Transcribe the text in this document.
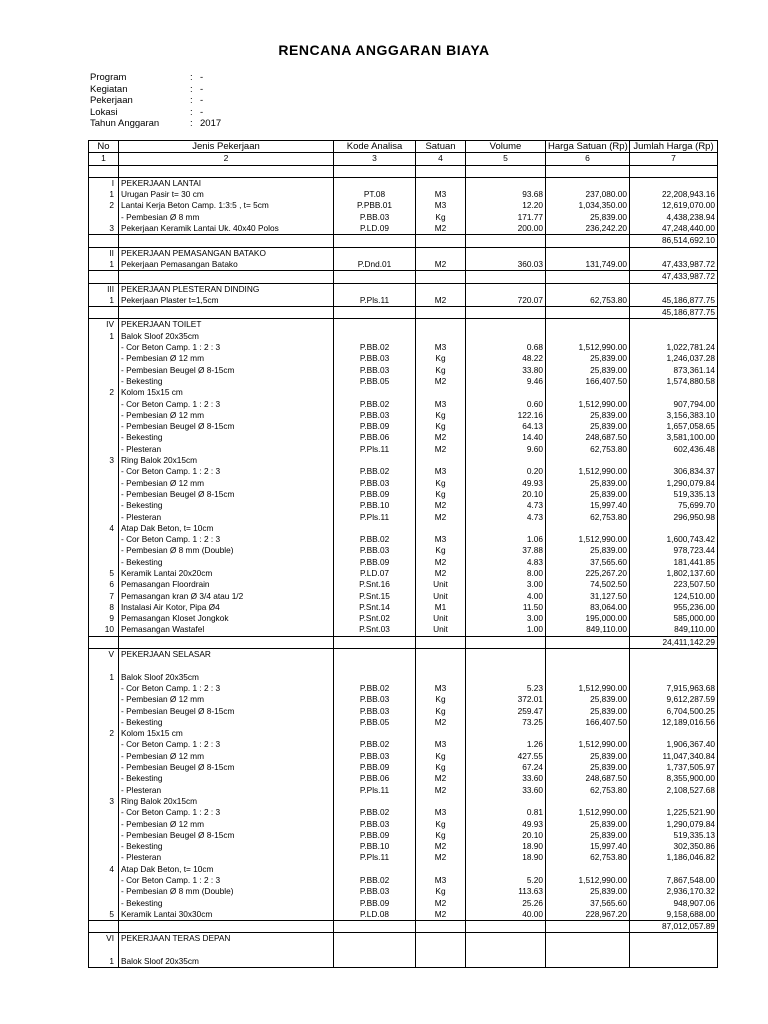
RENCANA ANGGARAN BIAYA
Program	: -
Kegiatan	: -
Pekerjaan	: -
Lokasi	: -
Tahun Anggaran	: 2017
No	Jenis Pekerjaan	Kode Analisa	Satuan	Volume	Harga Satuan (Rp)	Jumlah Harga (Rp)
1	2	3	4	5	6	7

I	PEKERJAAN LANTAI					
1	Urugan Pasir t= 30 cm	PT.08	M3	93.68	237,080.00	22,208,943.16
2	Lantai Kerja Beton Camp. 1:3:5 , t= 5cm	P.PBB.01	M3	12.20	1,034,350.00	12,619,070.00
	- Pembesian Ø 8 mm	P.BB.03	Kg	171.77	25,839.00	4,438,238.94
3	Pekerjaan Keramik Lantai Uk. 40x40 Polos	P.LD.09	M2	200.00	236,242.20	47,248,440.00
						86,514,692.10
II	PEKERJAAN PEMASANGAN BATAKO					
1	Pekerjaan Pemasangan Batako	P.Dnd.01	M2	360.03	131,749.00	47,433,987.72
						47,433,987.72
III	PEKERJAAN PLESTERAN DINDING					
1	Pekerjaan Plaster t=1,5cm	P.Pls.11	M2	720.07	62,753.80	45,186,877.75
						45,186,877.75
IV	PEKERJAAN TOILET					
1	Balok Sloof 20x35cm					
	- Cor Beton Camp. 1 : 2 : 3	P.BB.02	M3	0.68	1,512,990.00	1,022,781.24
	- Pembesian Ø 12 mm	P.BB.03	Kg	48.22	25,839.00	1,246,037.28
	- Pembesian Beugel Ø 8-15cm	P.BB.03	Kg	33.80	25,839.00	873,361.14
	- Bekesting	P.BB.05	M2	9.46	166,407.50	1,574,880.58
2	Kolom 15x15 cm					
	- Cor Beton Camp. 1 : 2 : 3	P.BB.02	M3	0.60	1,512,990.00	907,794.00
	- Pembesian Ø 12 mm	P.BB.03	Kg	122.16	25,839.00	3,156,383.10
	- Pembesian Beugel Ø 8-15cm	P.BB.09	Kg	64.13	25,839.00	1,657,058.65
	- Bekesting	P.BB.06	M2	14.40	248,687.50	3,581,100.00
	- Plesteran	P.Pls.11	M2	9.60	62,753.80	602,436.48
3	Ring Balok 20x15cm					
	- Cor Beton Camp. 1 : 2 : 3	P.BB.02	M3	0.20	1,512,990.00	306,834.37
	- Pembesian Ø 12 mm	P.BB.03	Kg	49.93	25,839.00	1,290,079.84
	- Pembesian Beugel Ø 8-15cm	P.BB.09	Kg	20.10	25,839.00	519,335.13
	- Bekesting	P.BB.10	M2	4.73	15,997.40	75,699.70
	- Plesteran	P.Pls.11	M2	4.73	62,753.80	296,950.98
4	Atap Dak Beton, t= 10cm					
	- Cor Beton Camp. 1 : 2 : 3	P.BB.02	M3	1.06	1,512,990.00	1,600,743.42
	- Pembesian Ø 8 mm (Double)	P.BB.03	Kg	37.88	25,839.00	978,723.44
	- Bekesting	P.BB.09	M2	4.83	37,565.60	181,441.85
5	Keramik Lantai 20x20cm	P.LD.07	M2	8.00	225,267.20	1,802,137.60
6	Pemasangan Floordrain	P.Snt.16	Unit	3.00	74,502.50	223,507.50
7	Pemasangan kran Ø 3/4 atau 1/2	P.Snt.15	Unit	4.00	31,127.50	124,510.00
8	Instalasi Air Kotor, Pipa Ø4	P.Snt.14	M1	11.50	83,064.00	955,236.00
9	Pemasangan Kloset Jongkok	P.Snt.02	Unit	3.00	195,000.00	585,000.00
10	Pemasangan Wastafel	P.Snt.03	Unit	1.00	849,110.00	849,110.00
						24,411,142.29
V	PEKERJAAN SELASAR					

1	Balok Sloof 20x35cm					
	- Cor Beton Camp. 1 : 2 : 3	P.BB.02	M3	5.23	1,512,990.00	7,915,963.68
	- Pembesian Ø 12 mm	P.BB.03	Kg	372.01	25,839.00	9,612,287.59
	- Pembesian Beugel Ø 8-15cm	P.BB.03	Kg	259.47	25,839.00	6,704,500.25
	- Bekesting	P.BB.05	M2	73.25	166,407.50	12,189,016.56
2	Kolom 15x15 cm					
	- Cor Beton Camp. 1 : 2 : 3	P.BB.02	M3	1.26	1,512,990.00	1,906,367.40
	- Pembesian Ø 12 mm	P.BB.03	Kg	427.55	25,839.00	11,047,340.84
	- Pembesian Beugel Ø 8-15cm	P.BB.09	Kg	67.24	25,839.00	1,737,505.97
	- Bekesting	P.BB.06	M2	33.60	248,687.50	8,355,900.00
	- Plesteran	P.Pls.11	M2	33.60	62,753.80	2,108,527.68
3	Ring Balok 20x15cm					
	- Cor Beton Camp. 1 : 2 : 3	P.BB.02	M3	0.81	1,512,990.00	1,225,521.90
	- Pembesian Ø 12 mm	P.BB.03	Kg	49.93	25,839.00	1,290,079.84
	- Pembesian Beugel Ø 8-15cm	P.BB.09	Kg	20.10	25,839.00	519,335.13
	- Bekesting	P.BB.10	M2	18.90	15,997.40	302,350.86
	- Plesteran	P.Pls.11	M2	18.90	62,753.80	1,186,046.82
4	Atap Dak Beton, t= 10cm					
	- Cor Beton Camp. 1 : 2 : 3	P.BB.02	M3	5.20	1,512,990.00	7,867,548.00
	- Pembesian Ø 8 mm (Double)	P.BB.03	Kg	113.63	25,839.00	2,936,170.32
	- Bekesting	P.BB.09	M2	25.26	37,565.60	948,907.06
5	Keramik Lantai 30x30cm	P.LD.08	M2	40.00	228,967.20	9,158,688.00
						87,012,057.89
VI	PEKERJAAN TERAS DEPAN					

1	Balok Sloof 20x35cm					
